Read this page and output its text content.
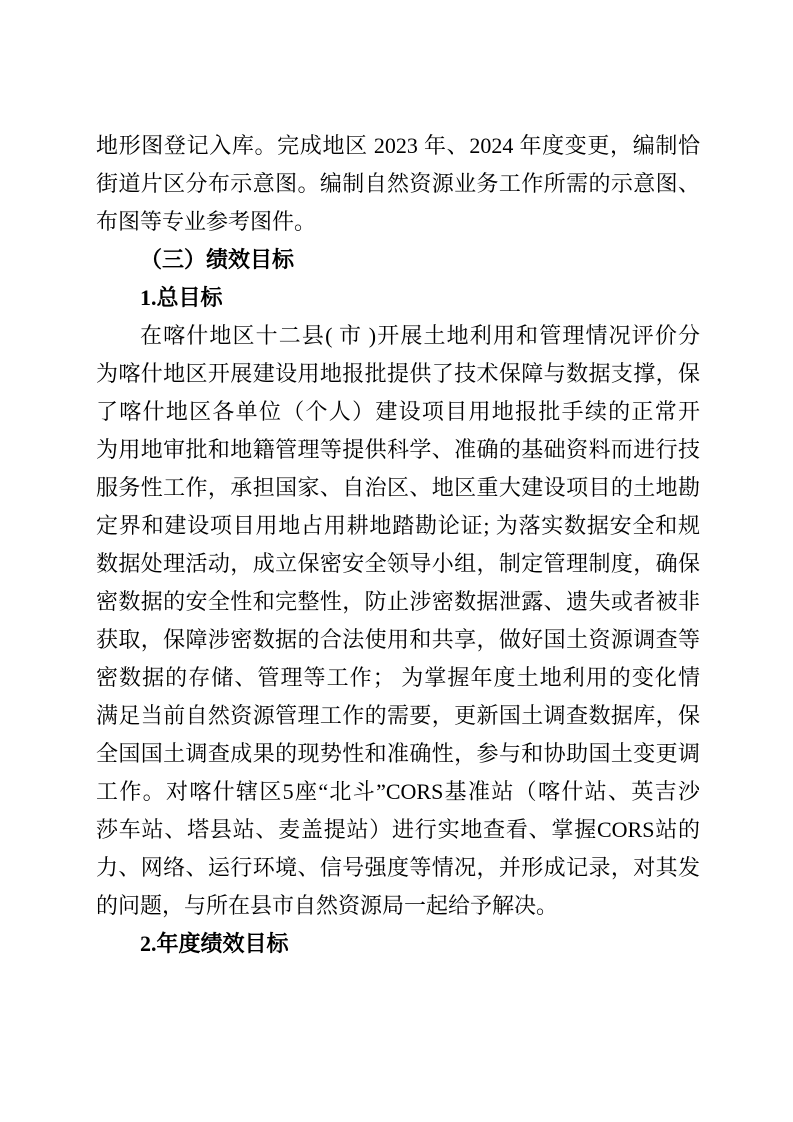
地形图登记入库。完成地区 2023 年、2024 年度变更，编制恰
街道片区分布示意图。编制自然资源业务工作所需的示意图、
布图等专业参考图件。
（三）绩效目标
1.总目标
在喀什地区十二县( 市 )开展土地利用和管理情况评价分
为喀什地区开展建设用地报批提供了技术保障与数据支撑，保
了喀什地区各单位（个人）建设项目用地报批手续的正常开
为用地审批和地籍管理等提供科学、准确的基础资料而进行技
服务性工作，承担国家、自治区、地区重大建设项目的土地勘
定界和建设项目用地占用耕地踏勘论证; 为落实数据安全和规
数据处理活动，成立保密安全领导小组，制定管理制度，确保
密数据的安全性和完整性，防止涉密数据泄露、遗失或者被非
获取，保障涉密数据的合法使用和共享，做好国土资源调查等
密数据的存储、管理等工作； 为掌握年度土地利用的变化情
满足当前自然资源管理工作的需要，更新国土调查数据库，保
全国国土调查成果的现势性和准确性，参与和协助国土变更调
工作。对喀什辖区5座“北斗”CORS基准站（喀什站、英吉沙
莎车站、塔县站、麦盖提站）进行实地查看、掌握CORS站的
力、网络、运行环境、信号强度等情况，并形成记录，对其发
的问题，与所在县市自然资源局一起给予解决。
2.年度绩效目标
